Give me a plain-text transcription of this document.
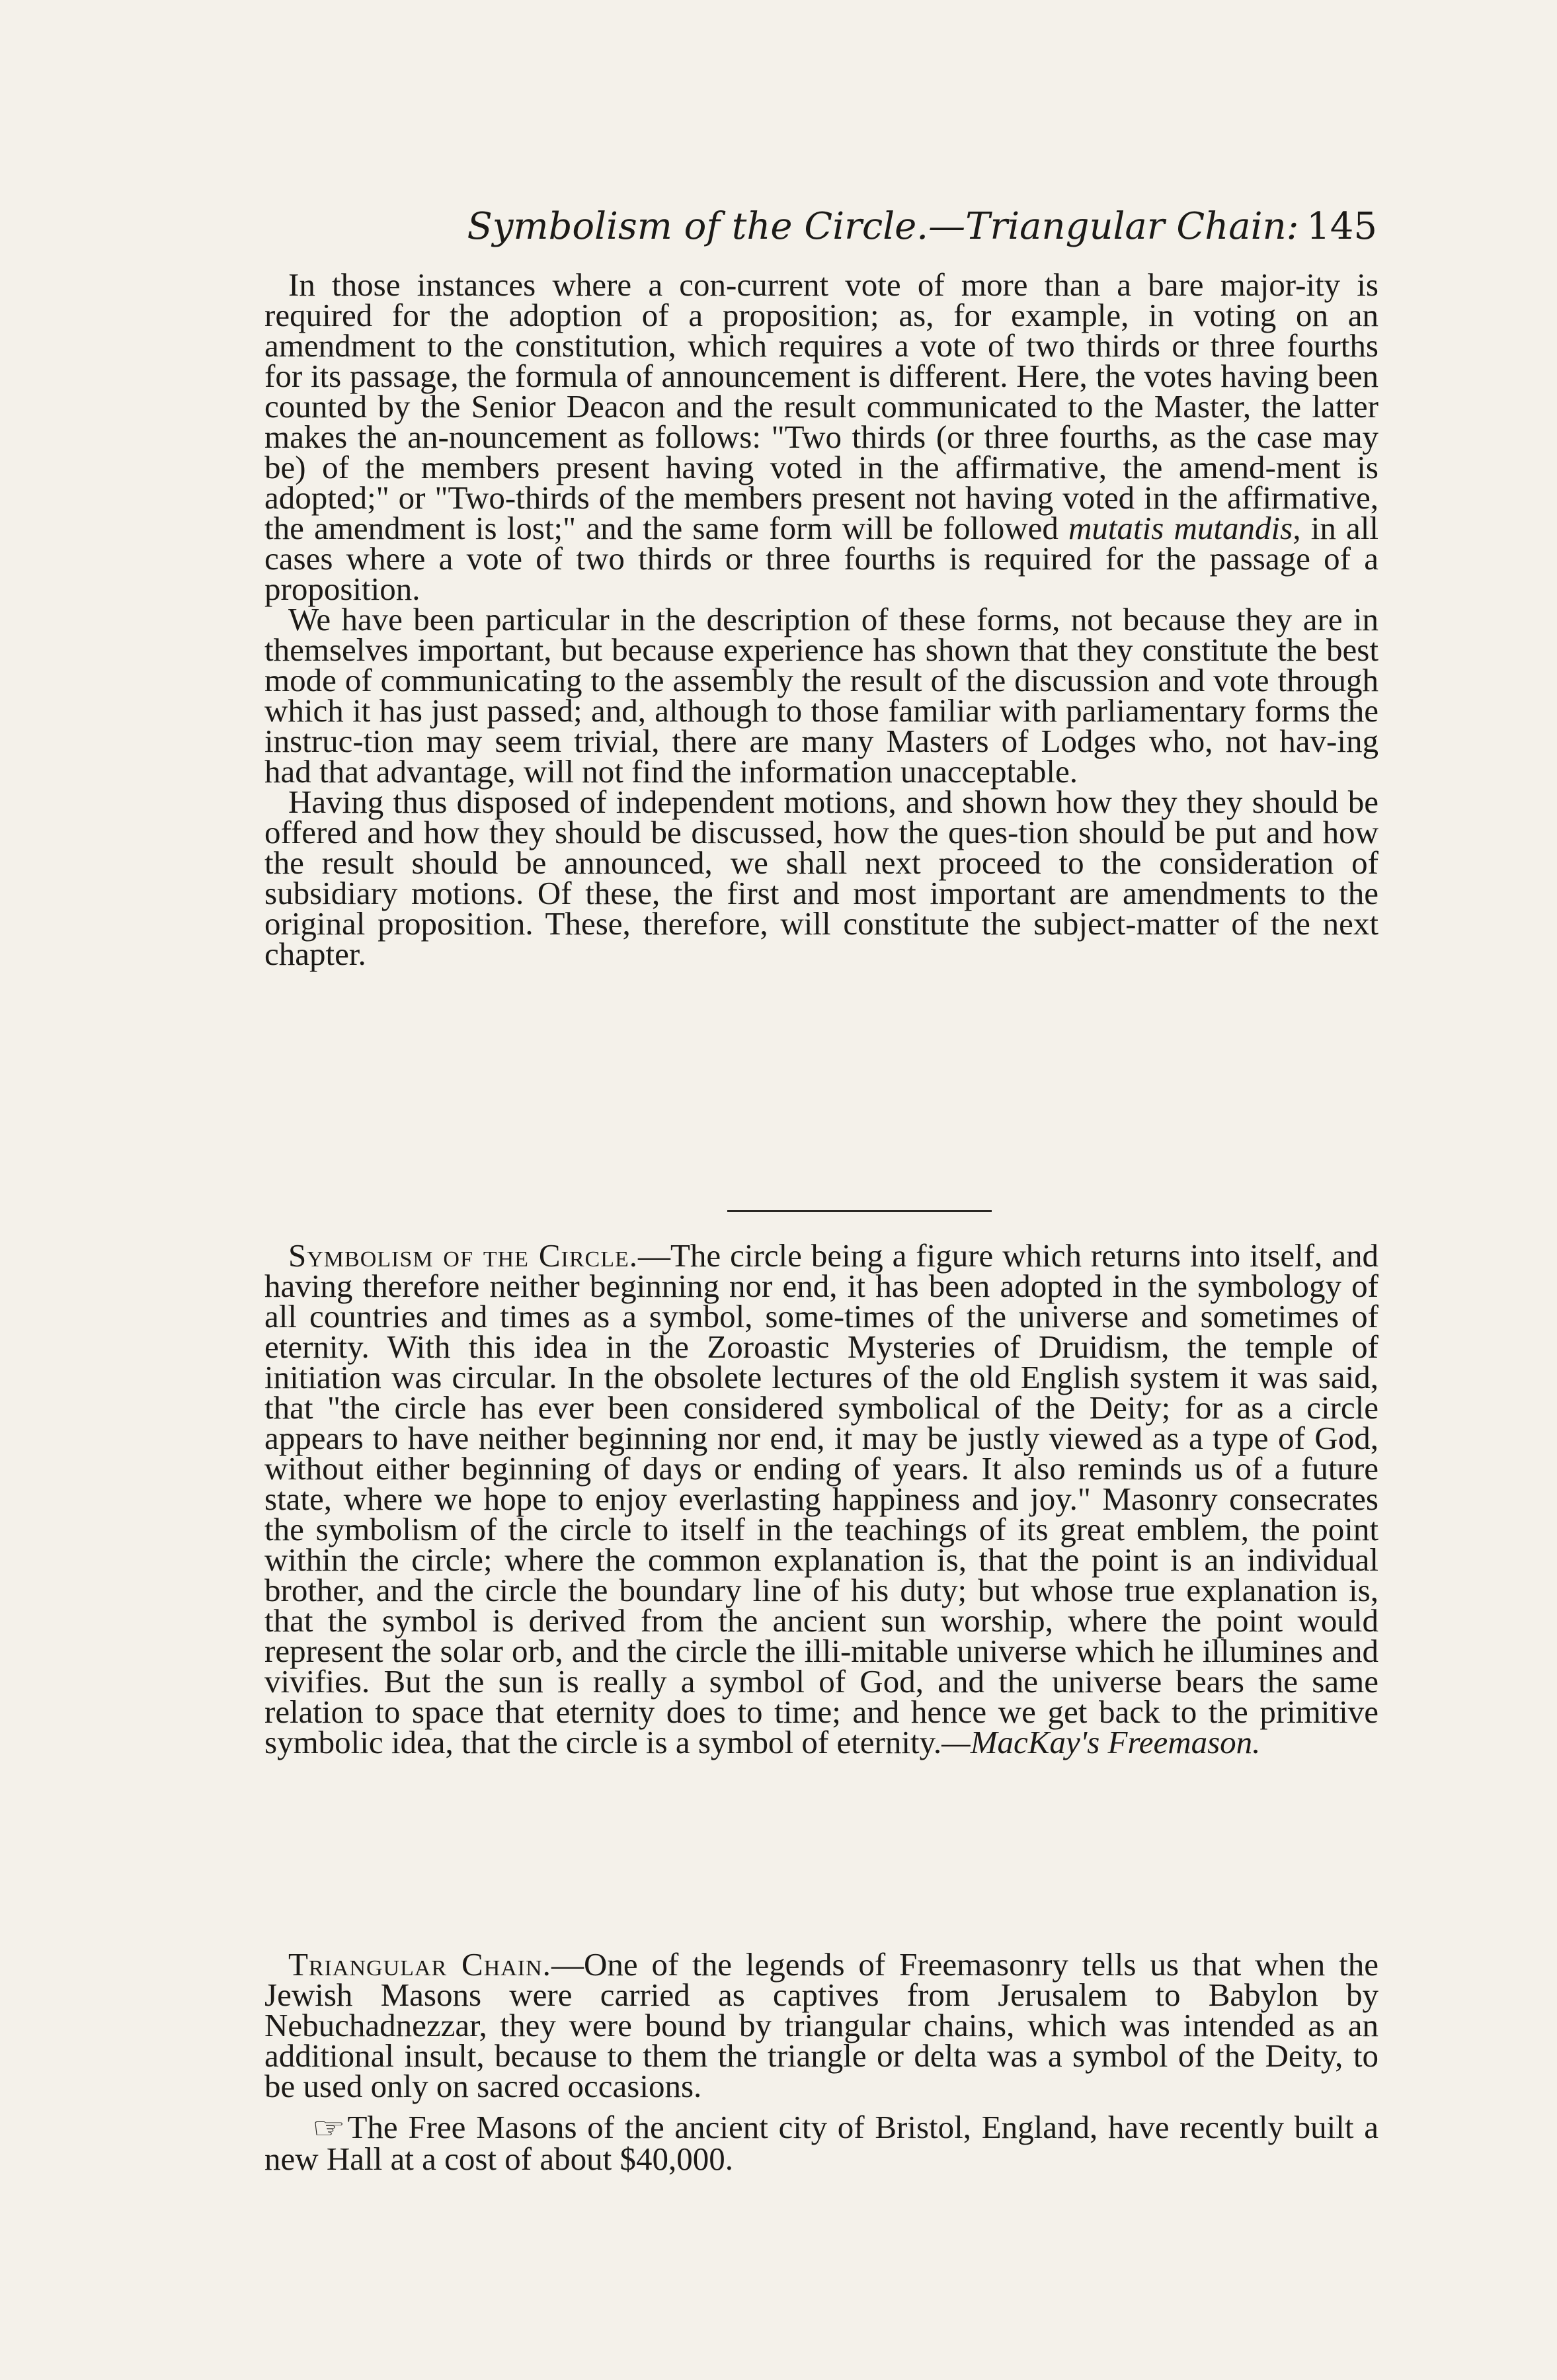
Symbolism of the Circle.—Triangular Chain: 145

In those instances where a con-current vote of more than a bare major-ity is required for the adoption of a proposition; as, for example, in voting on an amendment to the constitution, which requires a vote of two thirds or three fourths for its passage, the formula of announcement is different. Here, the votes having been counted by the Senior Deacon and the result communicated to the Master, the latter makes the an-nouncement as follows: "Two thirds (or three fourths, as the case may be) of the members present having voted in the affirmative, the amend-ment is adopted;" or "Two-thirds of the members present not having voted in the affirmative, the amendment is lost;" and the same form will be followed mutatis mutandis, in all cases where a vote of two thirds or three fourths is required for the passage of a proposition.

We have been particular in the description of these forms, not because they are in themselves important, but because experience has shown that they constitute the best mode of communicating to the assembly the result of the discussion and vote through which it has just passed; and, although to those familiar with parliamentary forms the instruc-tion may seem trivial, there are many Masters of Lodges who, not hav-ing had that advantage, will not find the information unacceptable.

Having thus disposed of independent motions, and shown how they they should be offered and how they should be discussed, how the ques-tion should be put and how the result should be announced, we shall next proceed to the consideration of subsidiary motions. Of these, the first and most important are amendments to the original proposition. These, therefore, will constitute the subject-matter of the next chapter.

Symbolism of the Circle.—The circle being a figure which returns into itself, and having therefore neither beginning nor end, it has been adopted in the symbology of all countries and times as a symbol, some-times of the universe and sometimes of eternity. With this idea in the Zoroastic Mysteries of Druidism, the temple of initiation was circular. In the obsolete lectures of the old English system it was said, that "the circle has ever been considered symbolical of the Deity; for as a circle appears to have neither beginning nor end, it may be justly viewed as a type of God, without either beginning of days or ending of years. It also reminds us of a future state, where we hope to enjoy everlasting happiness and joy." Masonry consecrates the symbolism of the circle to itself in the teachings of its great emblem, the point within the circle; where the common explanation is, that the point is an individual brother, and the circle the boundary line of his duty; but whose true explanation is, that the symbol is derived from the ancient sun worship, where the point would represent the solar orb, and the circle the illi-mitable universe which he illumines and vivifies. But the sun is really a symbol of God, and the universe bears the same relation to space that eternity does to time; and hence we get back to the primitive symbolic idea, that the circle is a symbol of eternity.—MacKay's Freemason.

Triangular Chain.—One of the legends of Freemasonry tells us that when the Jewish Masons were carried as captives from Jerusalem to Babylon by Nebuchadnezzar, they were bound by triangular chains, which was intended as an additional insult, because to them the triangle or delta was a symbol of the Deity, to be used only on sacred occasions.

☞The Free Masons of the ancient city of Bristol, England, have recently built a new Hall at a cost of about $40,000.
